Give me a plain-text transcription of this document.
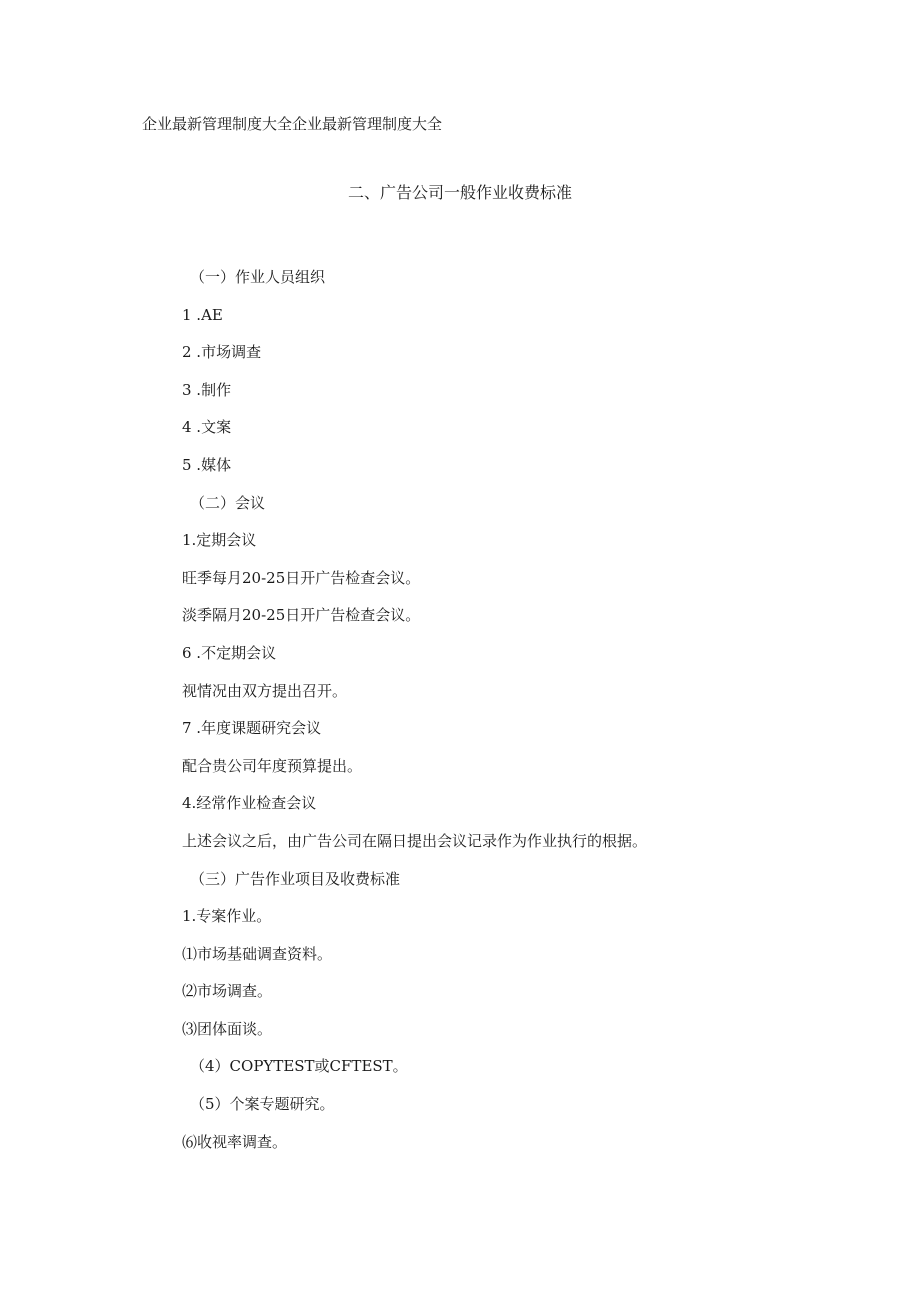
企业最新管理制度大全企业最新管理制度大全
二、广告公司一般作业收费标准
（一）作业人员组织
1 .AE
2 .市场调查
3 .制作
4 .文案
5 .媒体
（二）会议
1.定期会议
旺季每月20-25日开广告检查会议。
淡季隔月20-25日开广告检查会议。
6 .不定期会议
视情况由双方提出召开。
7 .年度课题研究会议
配合贵公司年度预算提出。
4.经常作业检查会议
上述会议之后，由广告公司在隔日提出会议记录作为作业执行的根据。
（三）广告作业项目及收费标准
1.专案作业。
⑴市场基础调查资料。
⑵市场调查。
⑶团体面谈。
（4）COPYTEST或CFTEST。
（5）个案专题研究。
⑹收视率调查。
